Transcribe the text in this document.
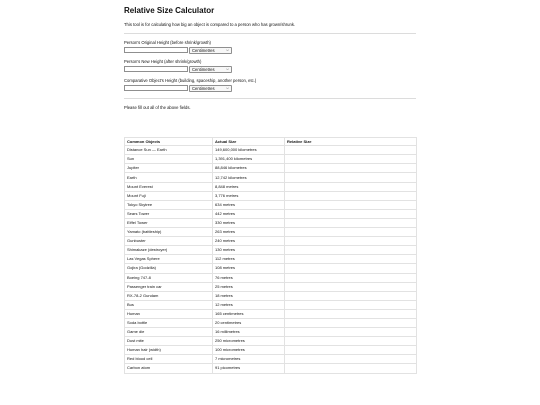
Relative Size Calculator
This tool is for calculating how big an object is compared to a person who has grown/shrunk.
Person's Original Height (before shrink/growth)
Centimetres	⌵
Person's New Height (after shrink/growth)
Centimetres	⌵
Comparative Object's Height (building, spaceship, another person, etc.)
Centimetres	⌵
Please fill out all of the above fields.
Common Objects	Actual Size	Relative Size
Distance Sun — Earth	149,600,000 kilometres	
Sun	1,391,400 kilometres	
Jupiter	88,846 kilometres	
Earth	12,742 kilometres	
Mount Everest	8,848 metres	
Mount Fuji	3,776 metres	
Tokyo Skytree	634 metres	
Sears Tower	442 metres	
Eiffel Tower	330 metres	
Yamato (battleship)	263 metres	
Gunbuster	240 metres	
Shimakaze (destroyer)	130 metres	
Las Vegas Sphere	112 metres	
Gojira (Godzilla)	108 metres	
Boeing 747-8	76 metres	
Passenger train car	25 metres	
RX-78-2 Gundam	18 metres	
Bus	12 metres	
Human	165 centimetres	
Soda bottle	20 centimetres	
Game die	16 millimetres	
Dust mite	250 micrometres	
Human hair (width)	100 micrometres	
Red blood cell	7 micrometres	
Carbon atom	91 picometres	
